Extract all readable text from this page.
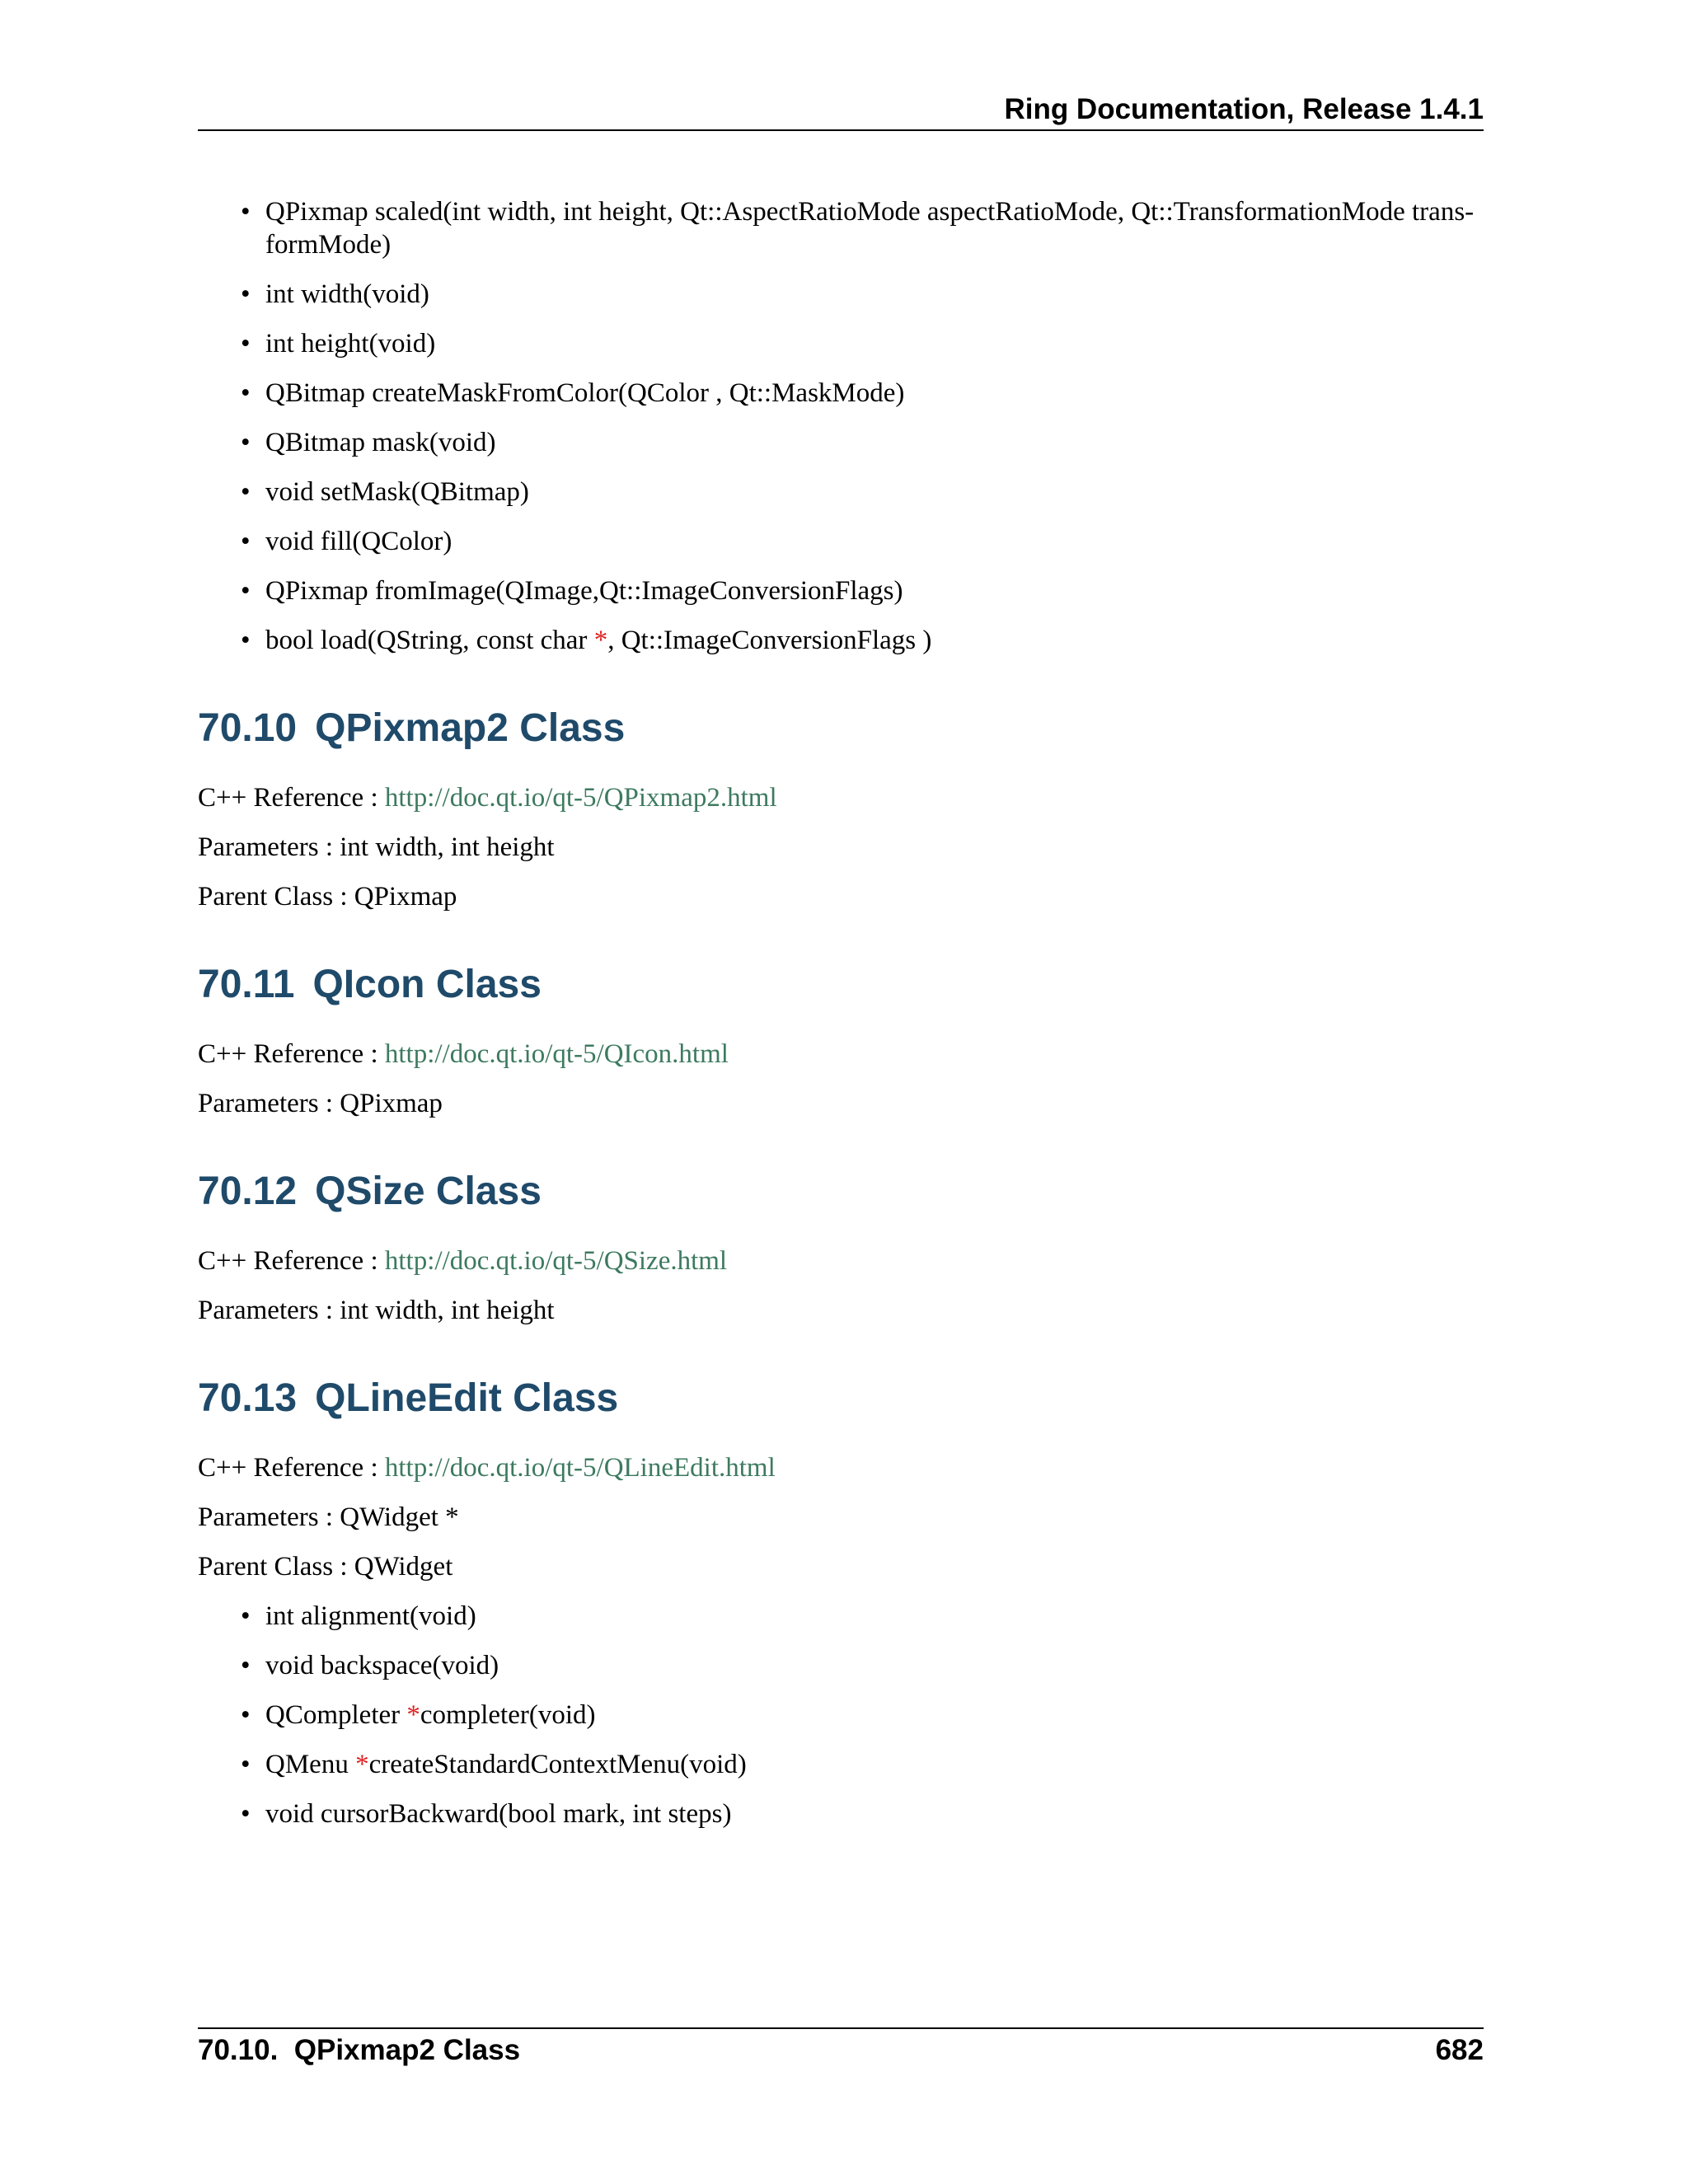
Ring Documentation, Release 1.4.1
• QPixmap scaled(int width, int height, Qt::AspectRatioMode aspectRatioMode, Qt::TransformationMode trans-
formMode)
• int width(void)
• int height(void)
• QBitmap createMaskFromColor(QColor , Qt::MaskMode)
• QBitmap mask(void)
• void setMask(QBitmap)
• void fill(QColor)
• QPixmap fromImage(QImage,Qt::ImageConversionFlags)
• bool load(QString, const char *, Qt::ImageConversionFlags )
70.10 QPixmap2 Class

C++ Reference : http://doc.qt.io/qt-5/QPixmap2.html

Parameters : int width, int height

Parent Class : QPixmap

70.11 QIcon Class

C++ Reference : http://doc.qt.io/qt-5/QIcon.html

Parameters : QPixmap

70.12 QSize Class

C++ Reference : http://doc.qt.io/qt-5/QSize.html

Parameters : int width, int height

70.13 QLineEdit Class

C++ Reference : http://doc.qt.io/qt-5/QLineEdit.html

Parameters : QWidget *

Parent Class : QWidget

• int alignment(void)
• void backspace(void)
• QCompleter *completer(void)
• QMenu *createStandardContextMenu(void)
• void cursorBackward(bool mark, int steps)
70.10.  QPixmap2 Class	682
